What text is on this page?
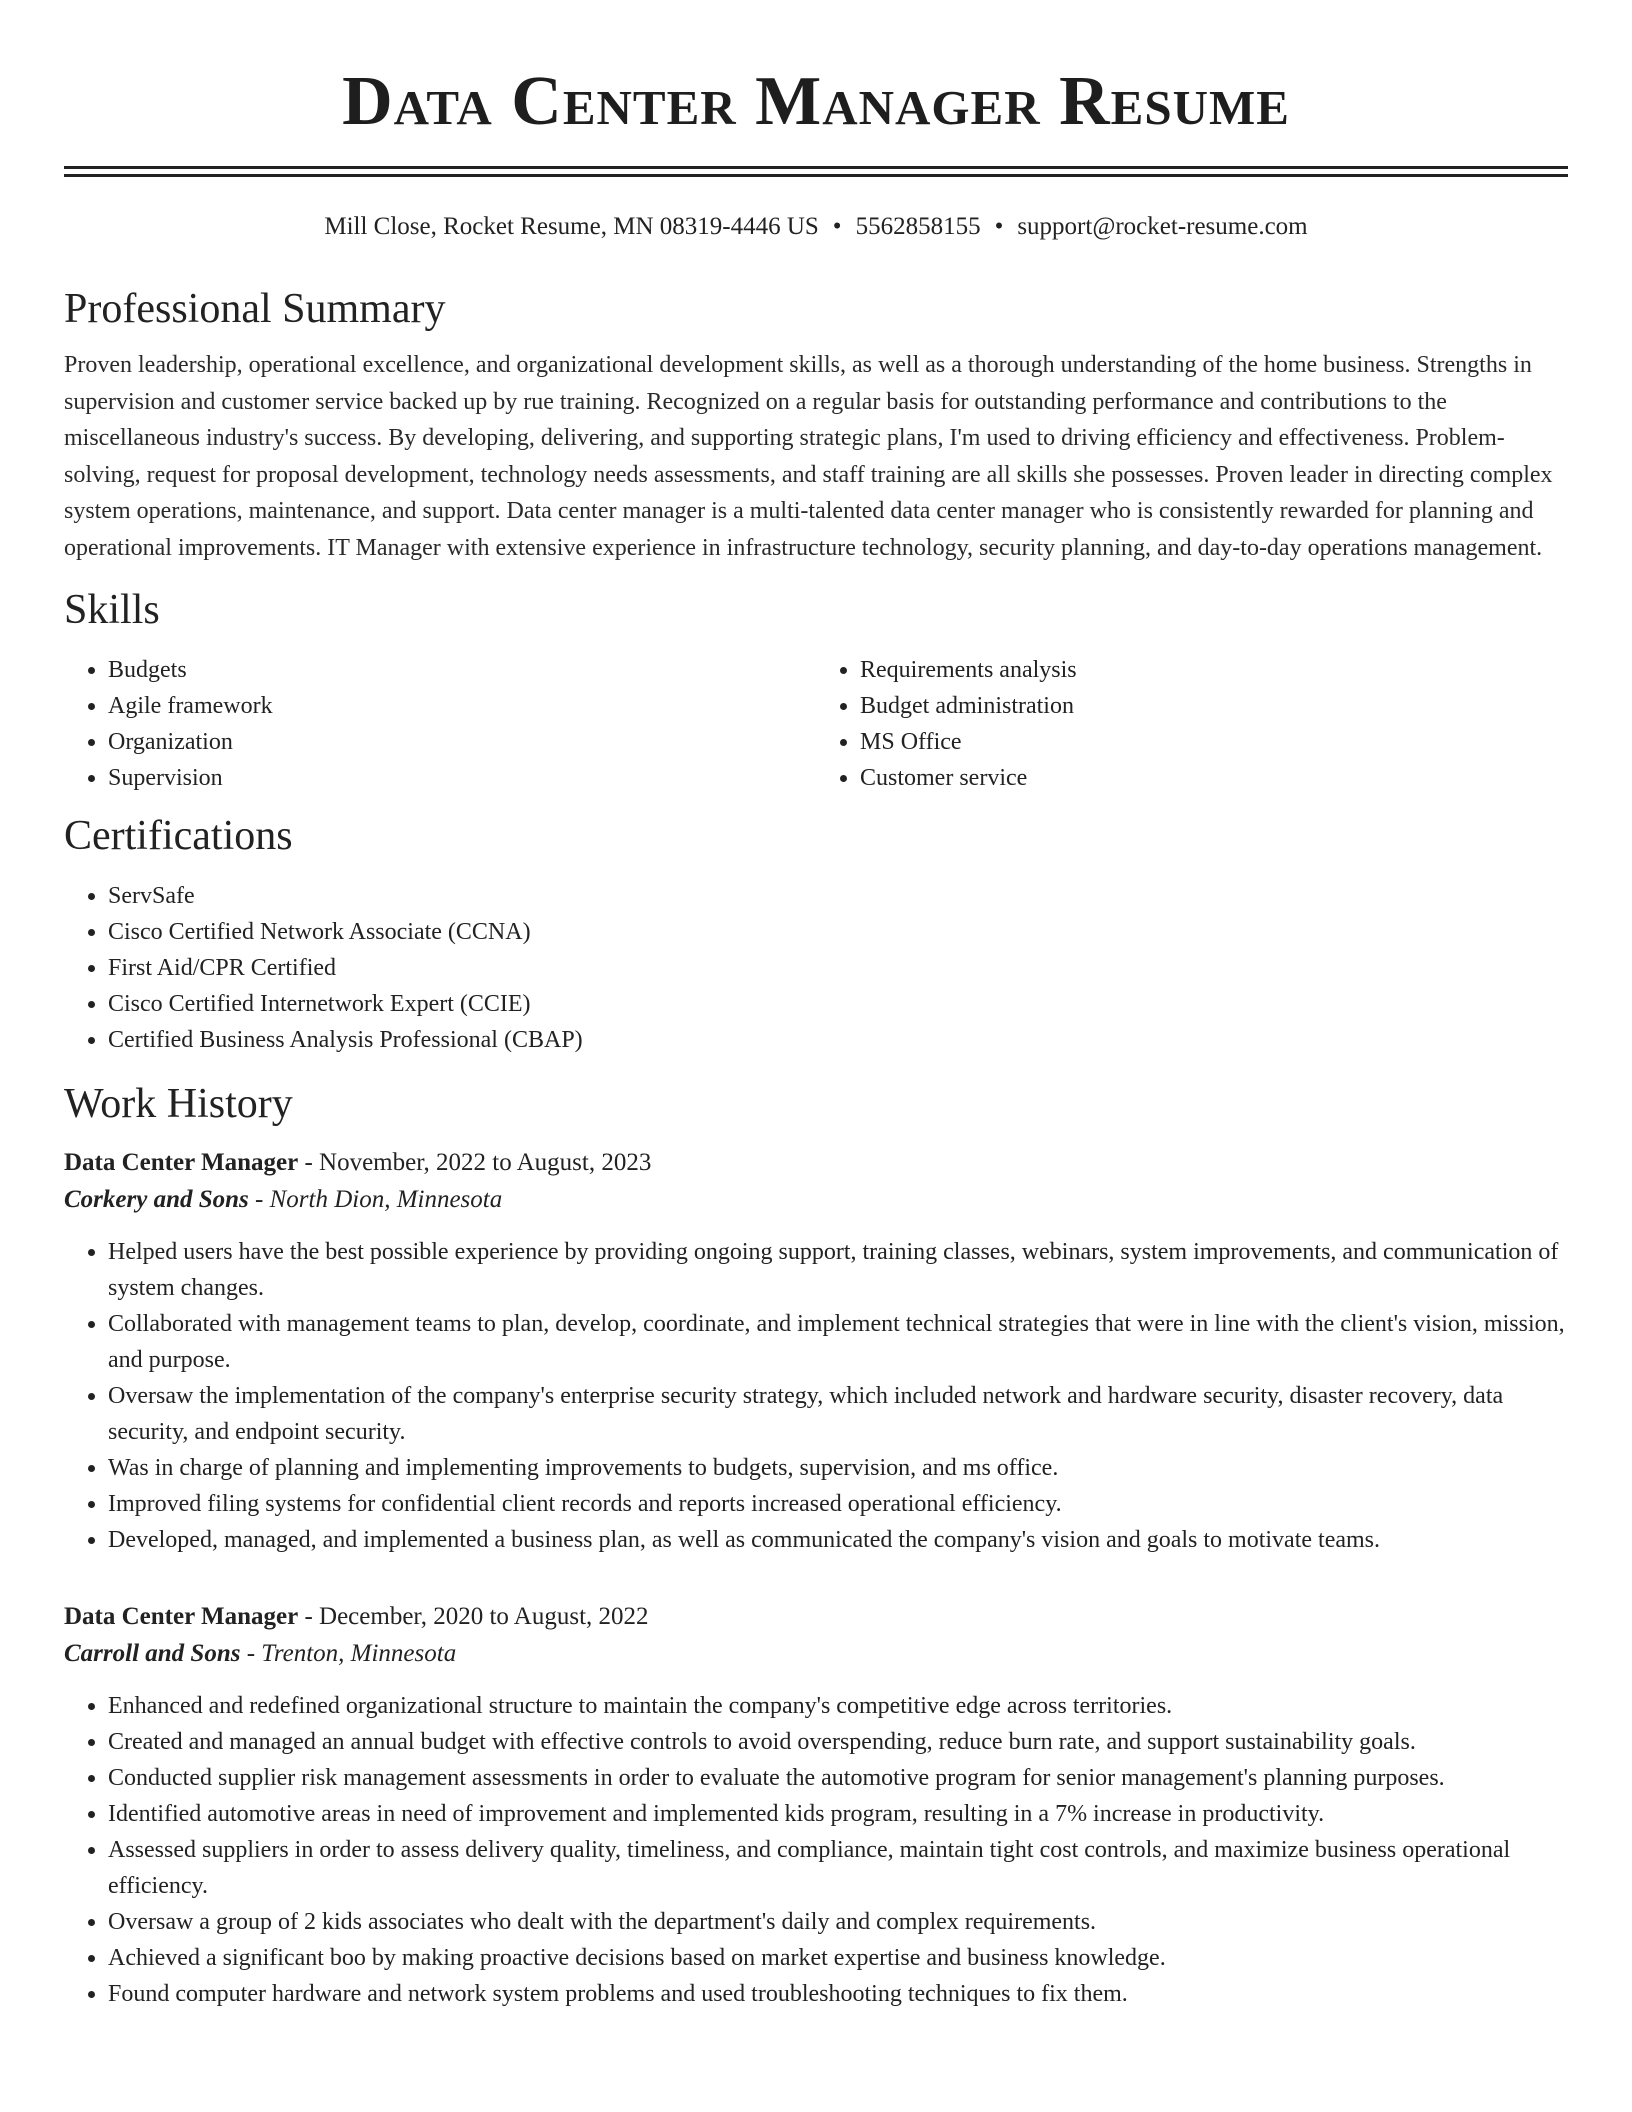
Data Center Manager Resume
Mill Close, Rocket Resume, MN 08319-4446 US • 5562858155 • support@rocket-resume.com
Professional Summary
Proven leadership, operational excellence, and organizational development skills, as well as a thorough understanding of the home business. Strengths in supervision and customer service backed up by rue training. Recognized on a regular basis for outstanding performance and contributions to the miscellaneous industry's success. By developing, delivering, and supporting strategic plans, I'm used to driving efficiency and effectiveness. Problem-solving, request for proposal development, technology needs assessments, and staff training are all skills she possesses. Proven leader in directing complex system operations, maintenance, and support. Data center manager is a multi-talented data center manager who is consistently rewarded for planning and operational improvements. IT Manager with extensive experience in infrastructure technology, security planning, and day-to-day operations management.
Skills
• Budgets
• Agile framework
• Organization
• Supervision
• Requirements analysis
• Budget administration
• MS Office
• Customer service
Certifications
• ServSafe
• Cisco Certified Network Associate (CCNA)
• First Aid/CPR Certified
• Cisco Certified Internetwork Expert (CCIE)
• Certified Business Analysis Professional (CBAP)
Work History
Data Center Manager - November, 2022 to August, 2023
Corkery and Sons - North Dion, Minnesota
• Helped users have the best possible experience by providing ongoing support, training classes, webinars, system improvements, and communication of system changes.
• Collaborated with management teams to plan, develop, coordinate, and implement technical strategies that were in line with the client's vision, mission, and purpose.
• Oversaw the implementation of the company's enterprise security strategy, which included network and hardware security, disaster recovery, data security, and endpoint security.
• Was in charge of planning and implementing improvements to budgets, supervision, and ms office.
• Improved filing systems for confidential client records and reports increased operational efficiency.
• Developed, managed, and implemented a business plan, as well as communicated the company's vision and goals to motivate teams.
Data Center Manager - December, 2020 to August, 2022
Carroll and Sons - Trenton, Minnesota
• Enhanced and redefined organizational structure to maintain the company's competitive edge across territories.
• Created and managed an annual budget with effective controls to avoid overspending, reduce burn rate, and support sustainability goals.
• Conducted supplier risk management assessments in order to evaluate the automotive program for senior management's planning purposes.
• Identified automotive areas in need of improvement and implemented kids program, resulting in a 7% increase in productivity.
• Assessed suppliers in order to assess delivery quality, timeliness, and compliance, maintain tight cost controls, and maximize business operational efficiency.
• Oversaw a group of 2 kids associates who dealt with the department's daily and complex requirements.
• Achieved a significant boo by making proactive decisions based on market expertise and business knowledge.
• Found computer hardware and network system problems and used troubleshooting techniques to fix them.
